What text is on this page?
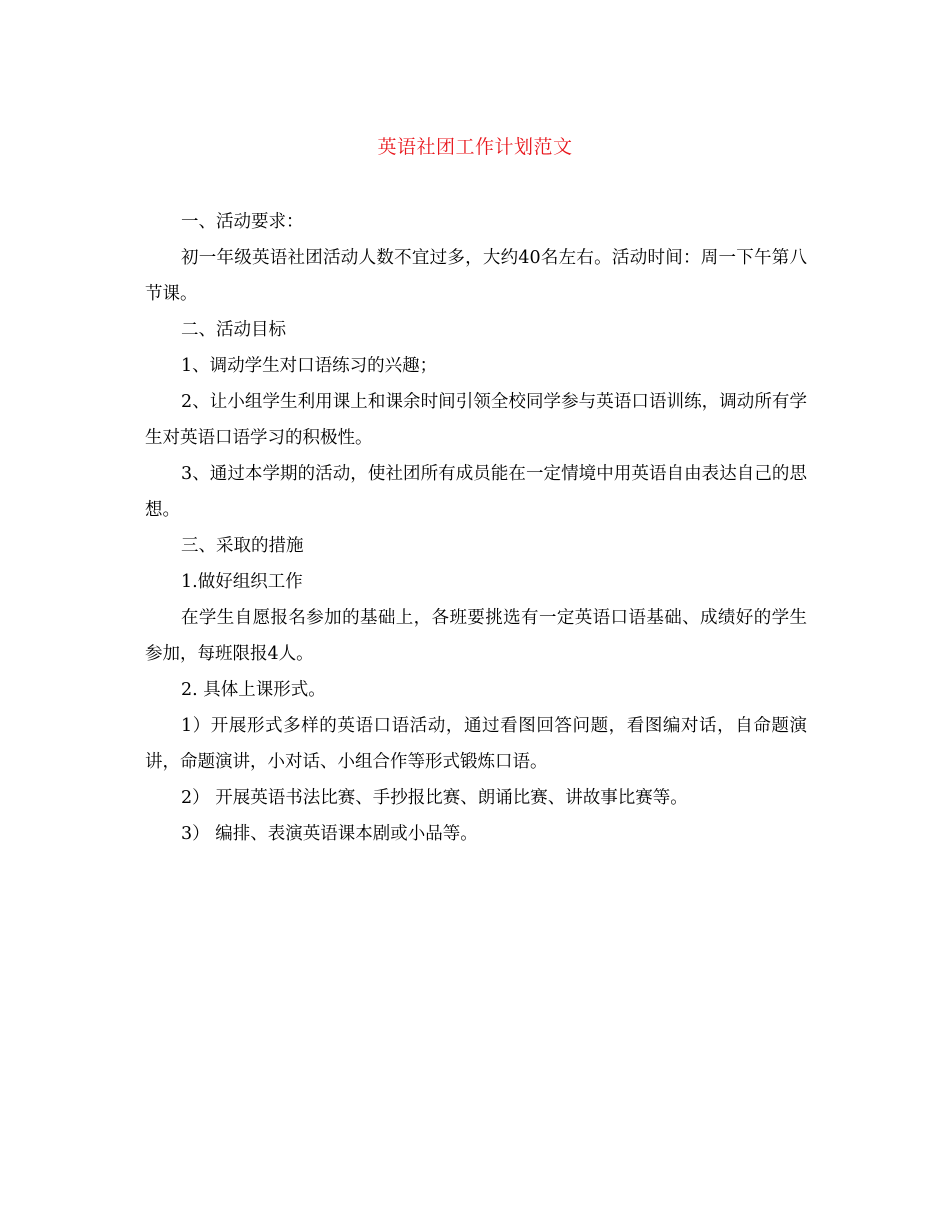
英语社团工作计划范文

一、活动要求：

初一年级英语社团活动人数不宜过多，大约40名左右。活动时间：周一下午第八节课。

二、活动目标

1、调动学生对口语练习的兴趣；

2、让小组学生利用课上和课余时间引领全校同学参与英语口语训练，调动所有学生对英语口语学习的积极性。

3、通过本学期的活动，使社团所有成员能在一定情境中用英语自由表达自己的思想。

三、采取的措施

1.做好组织工作

在学生自愿报名参加的基础上，各班要挑选有一定英语口语基础、成绩好的学生参加，每班限报4人。

2. 具体上课形式。

1）开展形式多样的英语口语活动，通过看图回答问题，看图编对话，自命题演讲，命题演讲，小对话、小组合作等形式锻炼口语。

2） 开展英语书法比赛、手抄报比赛、朗诵比赛、讲故事比赛等。

3） 编排、表演英语课本剧或小品等。
